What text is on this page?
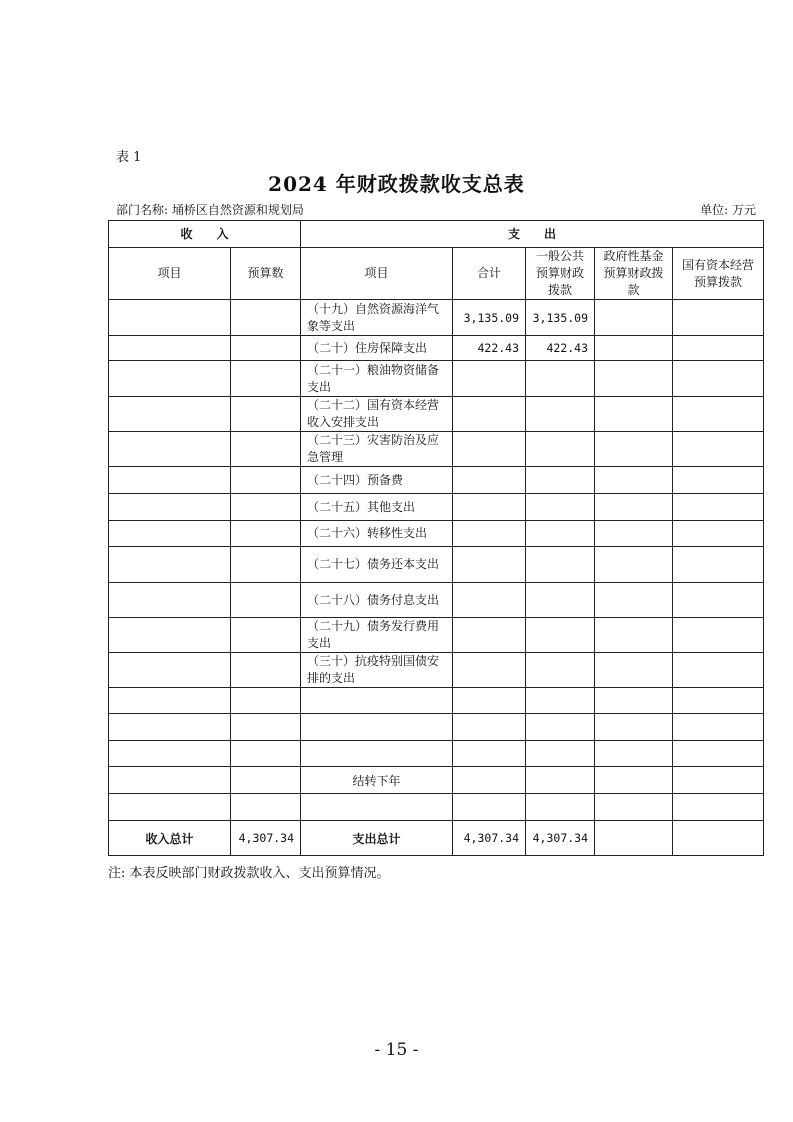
表 1
2024 年财政拨款收支总表
部门名称: 埇桥区自然资源和规划局	单位: 万元
收　　入		支　　出				
项目	预算数	项目	合计	一般公共预算财政拨款	政府性基金预算财政拨款	国有资本经营预算拨款
		（十九）自然资源海洋气象等支出	3,135.09	3,135.09		
		（二十）住房保障支出	422.43	422.43		
		（二十一）粮油物资储备支出				
		（二十二）国有资本经营收入安排支出				
		（二十三）灾害防治及应急管理				
		（二十四）预备费				
		（二十五）其他支出				
		（二十六）转移性支出				
		（二十七）债务还本支出				
		（二十八）债务付息支出				
		（二十九）债务发行费用支出				
		（三十）抗疫特别国债安排的支出				

		结转下年				

收入总计	4,307.34	支出总计	4,307.34	4,307.34		
注: 本表反映部门财政拨款收入、支出预算情况。
- 15 -
